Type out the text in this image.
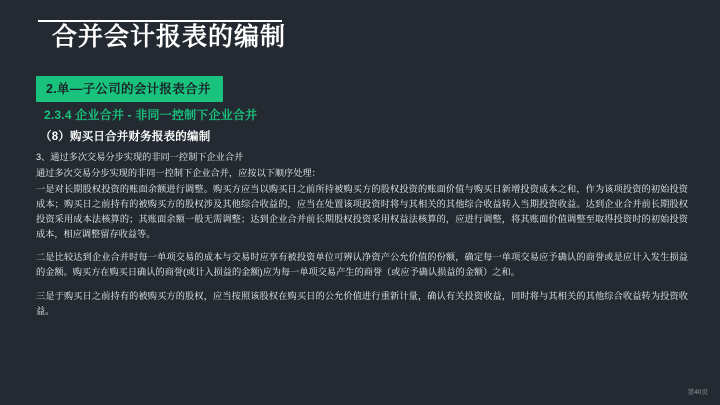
合并会计报表的编制
2.单—子公司的会计报表合并
2.3.4 企业合并 - 非同一控制下企业合并
（8）购买日合并财务报表的编制

3、通过多次交易分步实现的非同一控制下企业合并

通过多次交易分步实现的非同一控制下企业合并，应按以下顺序处理：

一是对长期股权投资的账面余额进行调整。购买方应当以购买日之前所持被购买方的股权投资的账面价值与购买日新增投资成本之和，作为该项投资的初始投资成本；购买日之前持有的被购买方的股权涉及其他综合收益的，应当在处置该项投资时将与其相关的其他综合收益转入当期投资收益。达到企业合并前长期股权投资采用成本法核算的；其账面余额一般无需调整；达到企业合并前长期股权投资采用权益法核算的，应进行调整，将其账面价值调整至取得投资时的初始投资成本，相应调整留存收益等。

二是比较达到企业合并时每一单项交易的成本与交易时应享有被投资单位可辨认净资产公允价值的份额，确定每一单项交易应予确认的商誉或是应计入发生损益的金额。购买方在购买日确认的商誉(或计入损益的金额)应为每一单项交易产生的商誉（或应予确认损益的金额）之和。

三是于购买日之前持有的被购买方的股权，应当按照该股权在购买日的公允价值进行重新计量，确认有关投资收益，同时将与其相关的其他综合收益转为投资收益。

第40页
